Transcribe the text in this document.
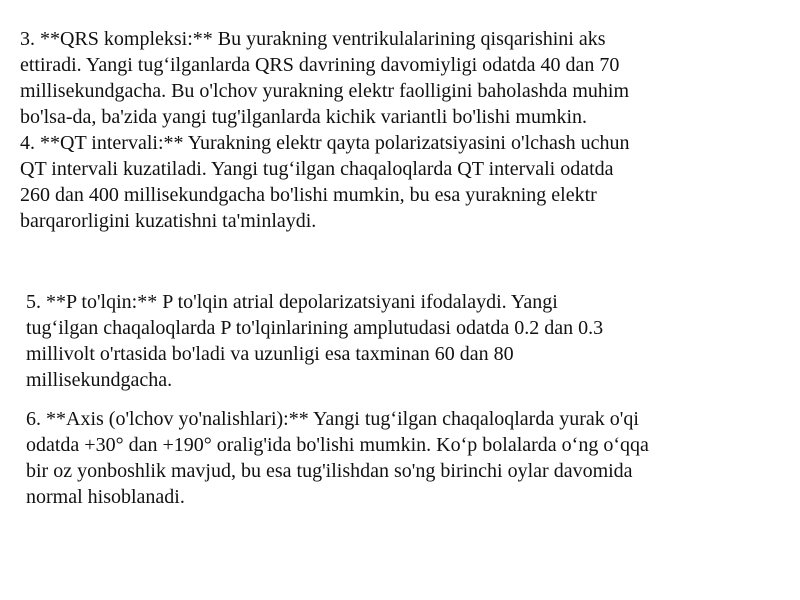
3. **QRS kompleksi:** Bu yurakning ventrikulalarining qisqarishini aks
ettiradi. Yangi tug‘ilganlarda QRS davrining davomiyligi odatda 40 dan 70
millisekundgacha. Bu o'lchov yurakning elektr faolligini baholashda muhim
bo'lsa-da, ba'zida yangi tug'ilganlarda kichik variantli bo'lishi mumkin.
4. **QT intervali:** Yurakning elektr qayta polarizatsiyasini o'lchash uchun
QT intervali kuzatiladi. Yangi tug‘ilgan chaqaloqlarda QT intervali odatda
260 dan 400 millisekundgacha bo'lishi mumkin, bu esa yurakning elektr
barqarorligini kuzatishni ta'minlaydi.
5. **P to'lqin:** P to'lqin atrial depolarizatsiyani ifodalaydi. Yangi
tug‘ilgan chaqaloqlarda P to'lqinlarining amplutudasi odatda 0.2 dan 0.3
millivolt o'rtasida bo'ladi va uzunligi esa taxminan 60 dan 80
millisekundgacha.
6. **Axis (o'lchov yo'nalishlari):** Yangi tug‘ilgan chaqaloqlarda yurak o'qi
odatda +30° dan +190° oralig'ida bo'lishi mumkin. Ko‘p bolalarda o‘ng o‘qqa
bir oz yonboshlik mavjud, bu esa tug'ilishdan so'ng birinchi oylar davomida
normal hisoblanadi.
